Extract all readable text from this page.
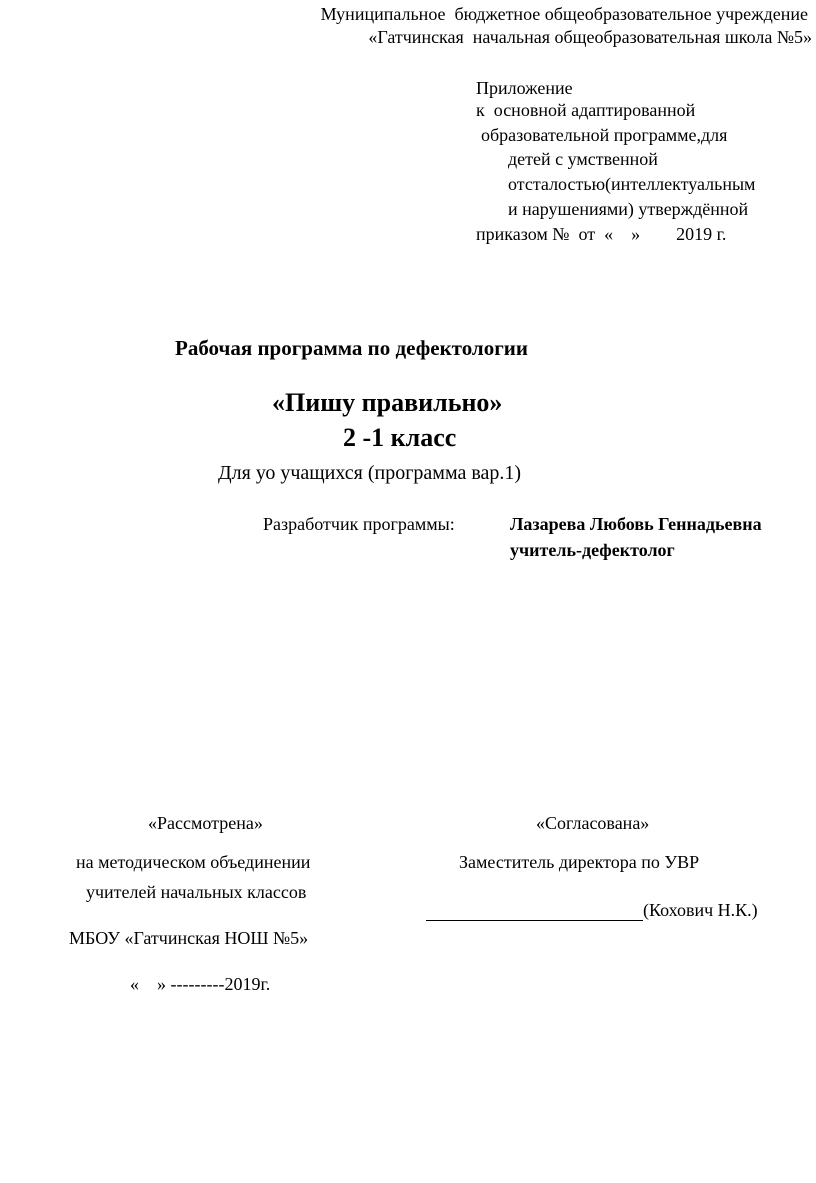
Муниципальное  бюджетное общеобразовательное учреждение
«Гатчинская  начальная общеобразовательная школа №5»

Приложение

к  основной адаптированной

образовательной программе,для

детей с умственной

отсталостью(интеллектуальным

и нарушениями) утверждённой

приказом №  от  «    »        2019 г.

Рабочая программа по дефектологии
«Пишу правильно»
2 -1 класс
Для уо учащихся (программа вар.1)
Разработчик программы:	Лазарева Любовь Геннадьевна
учитель-дефектолог
«Рассмотрена»
на методическом объединении
учителей начальных классов
МБОУ «Гатчинская НОШ №5»
«    » ---------2019г.
«Согласована»
Заместитель директора по УВР
(Кохович Н.К.)
